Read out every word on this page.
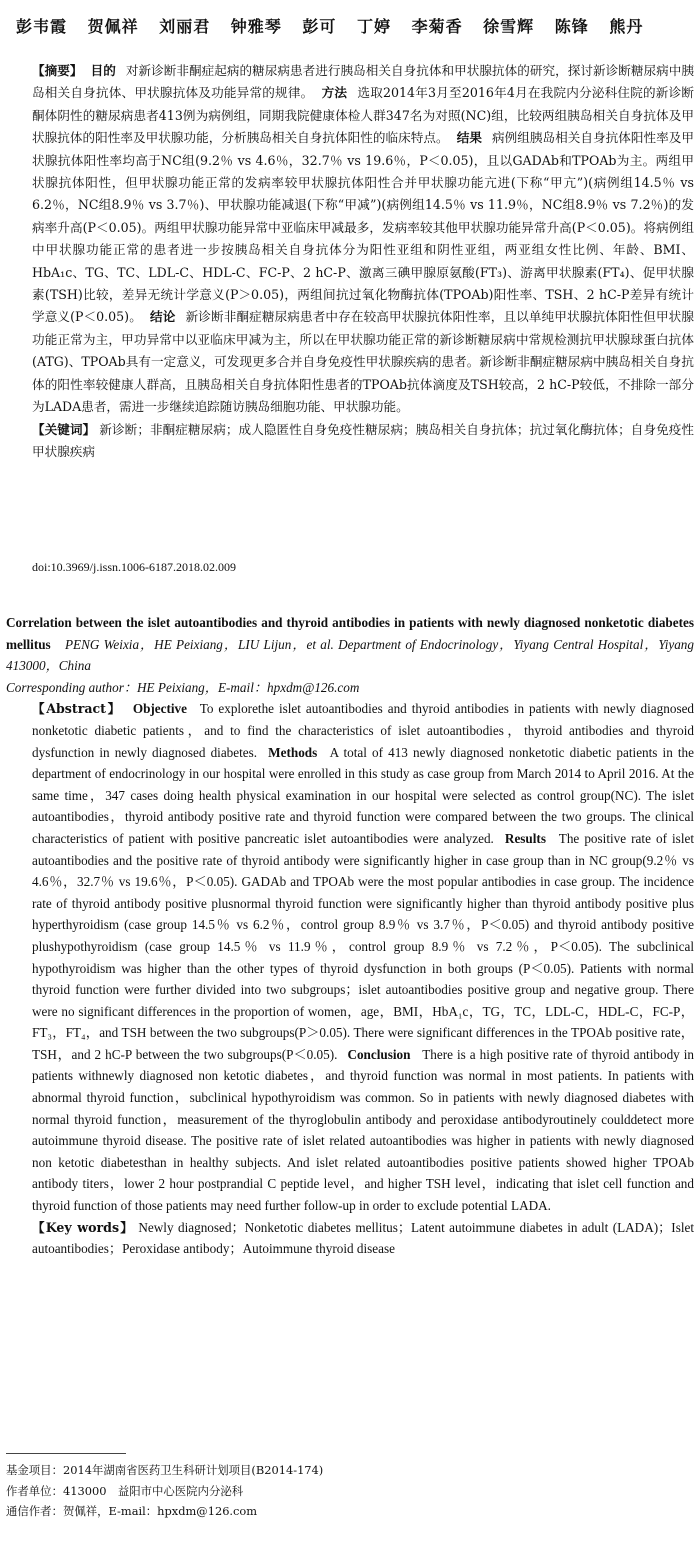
彭韦霞 贺佩祥 刘丽君 钟雅琴 彭可 丁婷 李菊香 徐雪辉 陈锋 熊丹

【摘要】 目的 对新诊断非酮症起病的糖尿病患者进行胰岛相关自身抗体和甲状腺抗体的研究，探讨新诊断糖尿病中胰岛相关自身抗体、甲状腺抗体及功能异常的规律。 方法 选取2014年3月至2016年4月在我院内分泌科住院的新诊断酮体阴性的糖尿病患者413例为病例组，同期我院健康体检人群347名为对照(NC)组，比较两组胰岛相关自身抗体及甲状腺抗体的阳性率及甲状腺功能，分析胰岛相关自身抗体阳性的临床特点。 结果 病例组胰岛相关自身抗体阳性率及甲状腺抗体阳性率均高于NC组(9.2％ vs 4.6％，32.7％ vs 19.6％，P＜0.05)，且以GADAb和TPOAb为主。两组甲状腺抗体阳性，但甲状腺功能正常的发病率较甲状腺抗体阳性合并甲状腺功能亢进(下称“甲亢”)(病例组14.5％ vs 6.2％，NC组8.9％ vs 3.7％)、甲状腺功能减退(下称“甲减”)(病例组14.5％ vs 11.9％，NC组8.9％ vs 7.2％)的发病率升高(P＜0.05)。两组甲状腺功能异常中亚临床甲减最多，发病率较其他甲状腺功能异常升高(P＜0.05)。将病例组中甲状腺功能正常的患者进一步按胰岛相关自身抗体分为阳性亚组和阴性亚组，两亚组女性比例、年龄、BMI、HbA₁c、TG、TC、LDL-C、HDL-C、FC-P、2 hC-P、激离三碘甲腺原氨酸(FT₃)、游离甲状腺素(FT₄)、促甲状腺素(TSH)比较，差异无统计学意义(P＞0.05)，两组间抗过氧化物酶抗体(TPOAb)阳性率、TSH、2 hC-P差异有统计学意义(P＜0.05)。 结论 新诊断非酮症糖尿病患者中存在较高甲状腺抗体阳性率，且以单纯甲状腺抗体阳性但甲状腺功能正常为主，甲功异常中以亚临床甲减为主，所以在甲状腺功能正常的新诊断糖尿病中常规检测抗甲状腺球蛋白抗体(ATG)、TPOAb具有一定意义，可发现更多合并自身免疫性甲状腺疾病的患者。新诊断非酮症糖尿病中胰岛相关自身抗体的阳性率较健康人群高，且胰岛相关自身抗体阳性患者的TPOAb抗体滴度及TSH较高，2 hC-P较低，不排除一部分为LADA患者，需进一步继续追踪随访胰岛细胞功能、甲状腺功能。

【关键词】 新诊断；非酮症糖尿病；成人隐匿性自身免疫性糖尿病；胰岛相关自身抗体；抗过氧化酶抗体；自身免疫性甲状腺疾病

doi:10.3969/j.issn.1006-6187.2018.02.009

Correlation between the islet autoantibodies and thyroid antibodies in patients with newly diagnosed nonketotic diabetes mellitus PENG Weixia，HE Peixiang，LIU Lijun，et al. Department of Endocrinology，Yiyang Central Hospital，Yiyang 413000，China

Corresponding author：HE Peixiang，E-mail：hpxdm@126.com

【Abstract】 Objective To explorethe islet autoantibodies and thyroid antibodies in patients with newly diagnosed nonketotic diabetic patients，and to find the characteristics of islet autoantibodies，thyroid antibodies and thyroid dysfunction in newly diagnosed diabetes. Methods A total of 413 newly diagnosed nonketotic diabetic patients in the department of endocrinology in our hospital were enrolled in this study as case group from March 2014 to April 2016. At the same time，347 cases doing health physical examination in our hospital were selected as control group(NC). The islet autoantibodies，thyroid antibody positive rate and thyroid function were compared between the two groups. The clinical characteristics of patient with positive pancreatic islet autoantibodies were analyzed. Results The positive rate of islet autoantibodies and the positive rate of thyroid antibody were significantly higher in case group than in NC group(9.2％ vs 4.6％，32.7％ vs 19.6％，P＜0.05). GADAb and TPOAb were the most popular antibodies in case group. The incidence rate of thyroid antibody positive plusnormal thyroid function were significantly higher than thyroid antibody positive plus hyperthyroidism (case group 14.5％ vs 6.2％，control group 8.9％ vs 3.7％，P＜0.05) and thyroid antibody positive plushypothyroidism (case group 14.5％ vs 11.9％，control group 8.9％ vs 7.2％，P＜0.05). The subclinical hypothyroidism was higher than the other types of thyroid dysfunction in both groups (P＜0.05). Patients with normal thyroid function were further divided into two subgroups；islet autoantibodies positive group and negative group. There were no significant differences in the proportion of women，age，BMI，HbA₁c，TG，TC，LDL-C，HDL-C，FC-P，FT₃，FT₄，and TSH between the two subgroups(P＞0.05). There were significant differences in the TPOAb positive rate，TSH，and 2 hC-P between the two subgroups(P＜0.05). Conclusion There is a high positive rate of thyroid antibody in patients withnewly diagnosed non ketotic diabetes，and thyroid function was normal in most patients. In patients with abnormal thyroid function，subclinical hypothyroidism was common. So in patients with newly diagnosed diabetes with normal thyroid function，measurement of the thyroglobulin antibody and peroxidase antibodyroutinely coulddetect more autoimmune thyroid disease. The positive rate of islet related autoantibodies was higher in patients with newly diagnosed non ketotic diabetesthan in healthy subjects. And islet related autoantibodies positive patients showed higher TPOAb antibody titers，lower 2 hour postprandial C peptide level，and higher TSH level，indicating that islet cell function and thyroid function of those patients may need further follow-up in order to exclude potential LADA.

【Key words】 Newly diagnosed；Nonketotic diabetes mellitus；Latent autoimmune diabetes in adult (LADA)；Islet autoantibodies；Peroxidase antibody；Autoimmune thyroid disease

基金项目：2014年湖南省医药卫生科研计划项目(B2014-174)

作者单位：413000　益阳市中心医院内分泌科

通信作者：贺佩祥，E-mail：hpxdm@126.com
